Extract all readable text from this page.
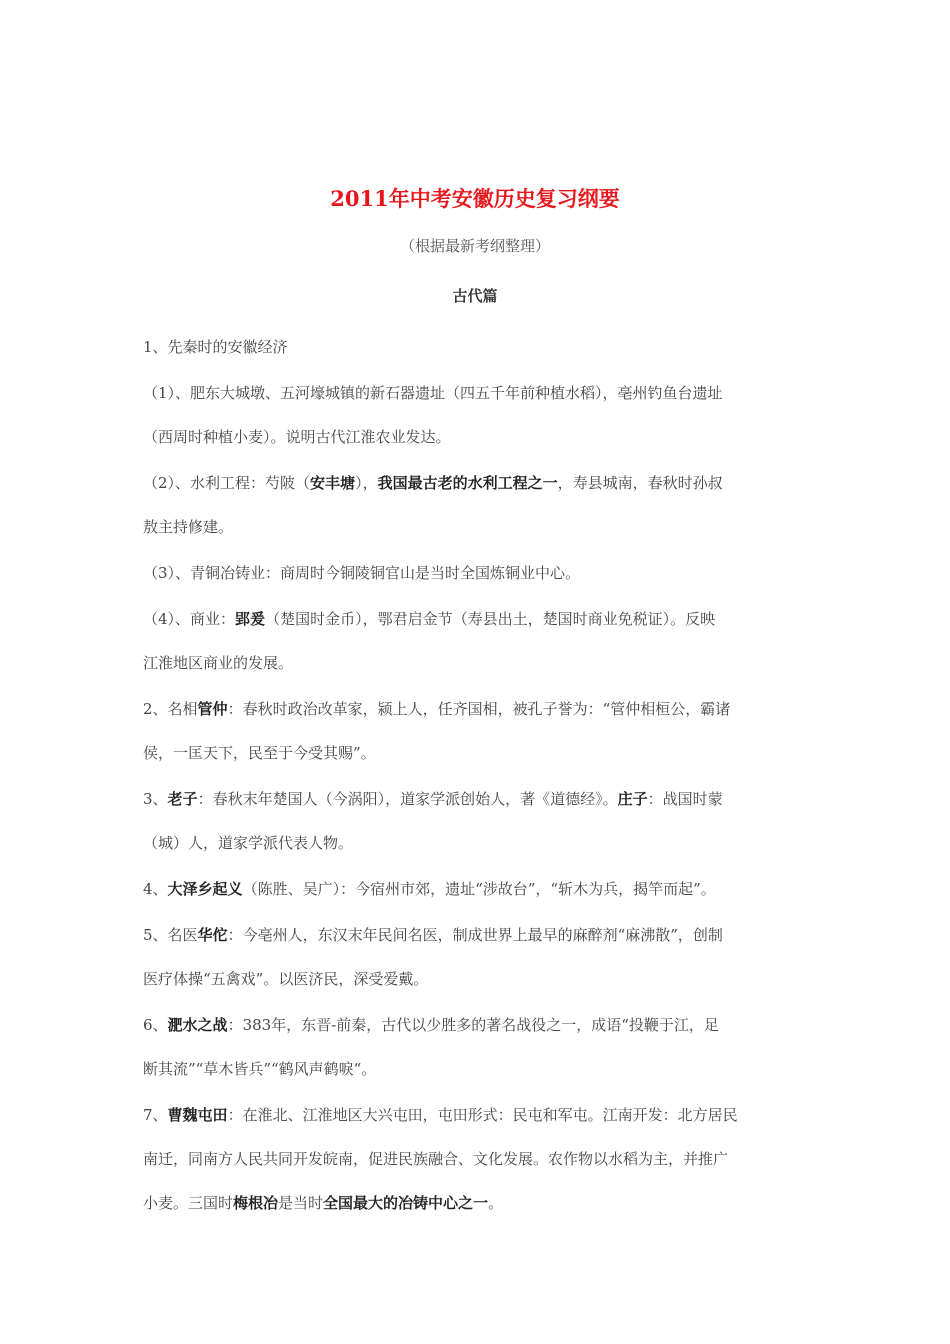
2011年中考安徽历史复习纲要
（根据最新考纲整理）
古代篇
1、先秦时的安徽经济
（1）、肥东大城墩、五河壕城镇的新石器遗址（四五千年前种植水稻），亳州钓鱼台遗址
（西周时种植小麦）。说明古代江淮农业发达。
（2）、水利工程：芍陂（安丰塘），我国最古老的水利工程之一，寿县城南，春秋时孙叔
敖主持修建。
（3）、青铜冶铸业：商周时今铜陵铜官山是当时全国炼铜业中心。
（4）、商业：郢爰（楚国时金币），鄂君启金节（寿县出土，楚国时商业免税证）。反映
江淮地区商业的发展。
2、名相管仲：春秋时政治改革家，颍上人，任齐国相，被孔子誉为：“管仲相桓公，霸诸
侯，一匡天下，民至于今受其赐”。
3、老子：春秋末年楚国人（今涡阳），道家学派创始人，著《道德经》。庄子：战国时蒙
（城）人，道家学派代表人物。
4、大泽乡起义（陈胜、吴广）：今宿州市郊，遗址“涉故台”，“斩木为兵，揭竿而起”。
5、名医华佗：今亳州人，东汉末年民间名医，制成世界上最早的麻醉剂“麻沸散”，创制
医疗体操“五禽戏”。以医济民，深受爱戴。
6、淝水之战：383年，东晋-前秦，古代以少胜多的著名战役之一，成语“投鞭于江，足
断其流”“草木皆兵”“鹤风声鹤唳“。
7、曹魏屯田：在淮北、江淮地区大兴屯田，屯田形式：民屯和军屯。江南开发：北方居民
南迁，同南方人民共同开发皖南，促进民族融合、文化发展。农作物以水稻为主，并推广
小麦。三国时梅根冶是当时全国最大的冶铸中心之一。
